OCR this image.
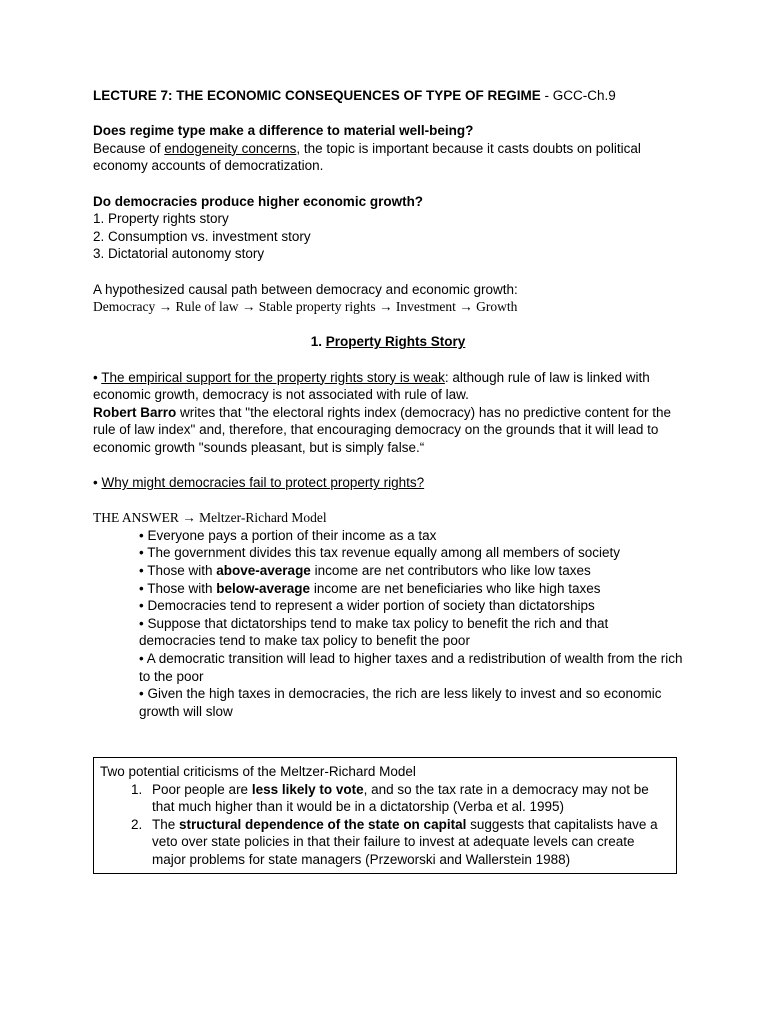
LECTURE 7: THE ECONOMIC CONSEQUENCES OF TYPE OF REGIME - GCC-Ch.9

Does regime type make a difference to material well-being?

Because of endogeneity concerns, the topic is important because it casts doubts on political economy accounts of democratization.

Do democracies produce higher economic growth?

1. Property rights story

2. Consumption vs. investment story

3. Dictatorial autonomy story

A hypothesized causal path between democracy and economic growth:

Democracy → Rule of law → Stable property rights → Investment → Growth

1. Property Rights Story

• The empirical support for the property rights story is weak: although rule of law is linked with economic growth, democracy is not associated with rule of law.

Robert Barro writes that "the electoral rights index (democracy) has no predictive content for the rule of law index" and, therefore, that encouraging democracy on the grounds that it will lead to economic growth "sounds pleasant, but is simply false.“

• Why might democracies fail to protect property rights?

THE ANSWER → Meltzer-Richard Model

• Everyone pays a portion of their income as a tax

• The government divides this tax revenue equally among all members of society

• Those with above-average income are net contributors who like low taxes

• Those with below-average income are net beneficiaries who like high taxes

• Democracies tend to represent a wider portion of society than dictatorships

• Suppose that dictatorships tend to make tax policy to benefit the rich and that democracies tend to make tax policy to benefit the poor

• A democratic transition will lead to higher taxes and a redistribution of wealth from the rich to the poor

• Given the high taxes in democracies, the rich are less likely to invest and so economic growth will slow

Two potential criticisms of the Meltzer-Richard Model

1. Poor people are less likely to vote, and so the tax rate in a democracy may not be that much higher than it would be in a dictatorship (Verba et al. 1995)
2. The structural dependence of the state on capital suggests that capitalists have a veto over state policies in that their failure to invest at adequate levels can create major problems for state managers (Przeworski and Wallerstein 1988)
